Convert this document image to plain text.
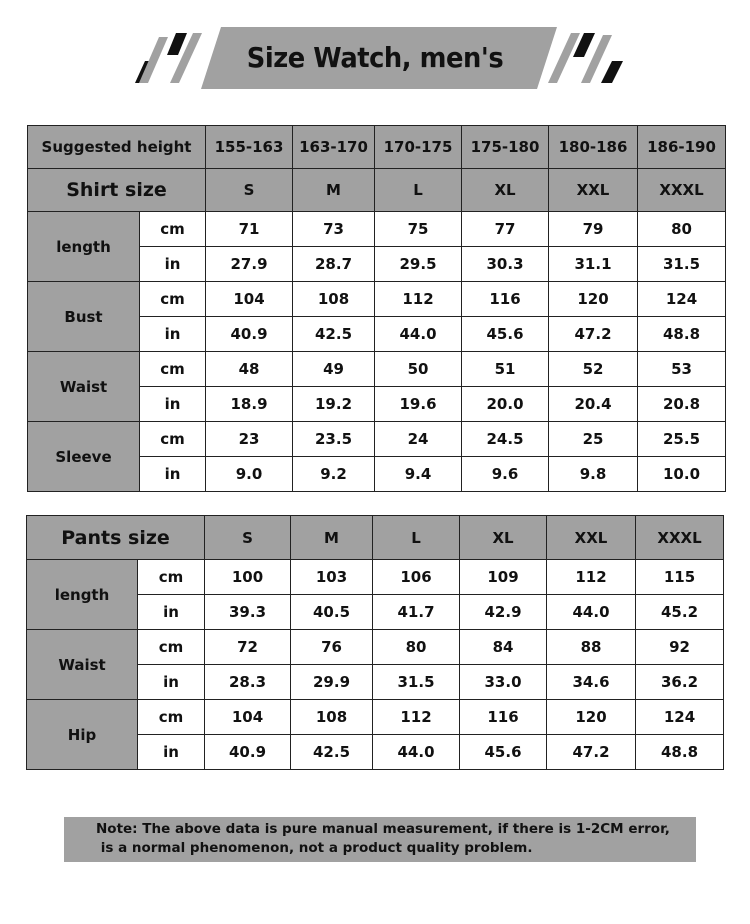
Size Watch, men's
Suggested height		155-163	163-170	170-175	175-180	180-186	186-190
Shirt size		S	M	L	XL	XXL	XXXL
length	cm	71	73	75	77	79	80
	in	27.9	28.7	29.5	30.3	31.1	31.5
Bust	cm	104	108	112	116	120	124
	in	40.9	42.5	44.0	45.6	47.2	48.8
Waist	cm	48	49	50	51	52	53
	in	18.9	19.2	19.6	20.0	20.4	20.8
Sleeve	cm	23	23.5	24	24.5	25	25.5
	in	9.0	9.2	9.4	9.6	9.8	10.0
Pants size		S	M	L	XL	XXL	XXXL
length	cm	100	103	106	109	112	115
	in	39.3	40.5	41.7	42.9	44.0	45.2
Waist	cm	72	76	80	84	88	92
	in	28.3	29.9	31.5	33.0	34.6	36.2
Hip	cm	104	108	112	116	120	124
	in	40.9	42.5	44.0	45.6	47.2	48.8
Note: The above data is pure manual measurement, if there is 1-2CM error,
is a normal phenomenon, not a product quality problem.
